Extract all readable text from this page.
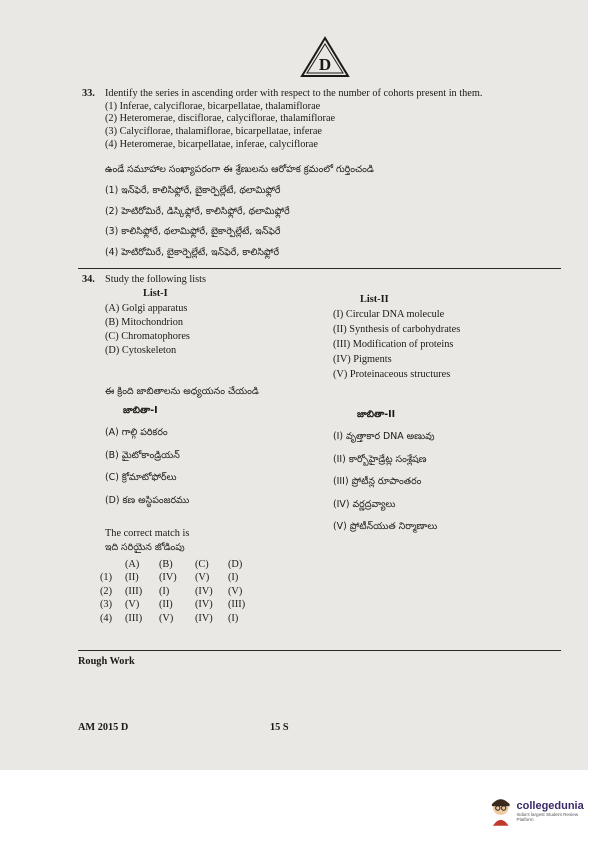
D
33. Identify the series in ascending order with respect to the number of cohorts present in them.
(1) Inferae, calyciflorae, bicarpellatae, thalamiflorae
(2) Heteromerae, disciflorae, calyciflorae, thalamiflorae
(3) Calyciflorae, thalamiflorae, bicarpellatae, inferae
(4) Heteromerae, bicarpellatae, inferae, calyciflorae
ఉండే సమూహాల సంఖ్యాపరంగా ఈ శ్రేణులను ఆరోహక క్రమంలో గుర్తించండి
(1) ఇన్‌ఫెరే, కాలిసిఫ్లోరే, బైకార్పెల్లేటే, థలామిఫ్లోరే
(2) హెటిరోమిరే, డిస్కిఫ్లోరే, కాలిసిఫ్లోరే, థలామిఫ్లోరే
(3) కాలిసిఫ్లోరే, థలామిఫ్లోరే, బైకార్పెల్లేటే, ఇన్‌ఫెరే
(4) హెటిరోమిరే, బైకార్పెల్లేటే, ఇన్‌ఫెరే, కాలిసిఫ్లోరే
34. Study the following lists
List-I
(A) Golgi apparatus
(B) Mitochondrion
(C) Chromatophores
(D) Cytoskeleton
List-II
(I) Circular DNA molecule
(II) Synthesis of carbohydrates
(III) Modification of proteins
(IV) Pigments
(V) Proteinaceous structures
ఈ క్రింది జాబితాలను అధ్యయనం చేయండి
జాబితా-I
(A) గాల్గి పరికరం
(B) మైటోకాండ్రియన్
(C) క్రోమాటోఫోర్‌లు
(D) కణ అస్థిపంజరము
జాబితా-II
(I) వృత్తాకార DNA అణువు
(II) కార్బోహైడ్రేట్ల సంశ్లేషణ
(III) ప్రోటీన్ల రూపాంతరం
(IV) వర్ణద్రవ్యాలు
(V) ప్రోటీన్‌యుత నిర్మాణాలు
The correct match is
ఇది సరియైన జోడింపు
(A)	(B)	(C)	(D)
(1)	(II)	(IV)	(V)	(I)
(2)	(III)	(I)	(IV)	(V)
(3)	(V)	(II)	(IV)	(III)
(4)	(III)	(V)	(IV)	(I)
Rough Work
AM 2015 D	15 S
collegedunia
India's largest Student Review Platform
